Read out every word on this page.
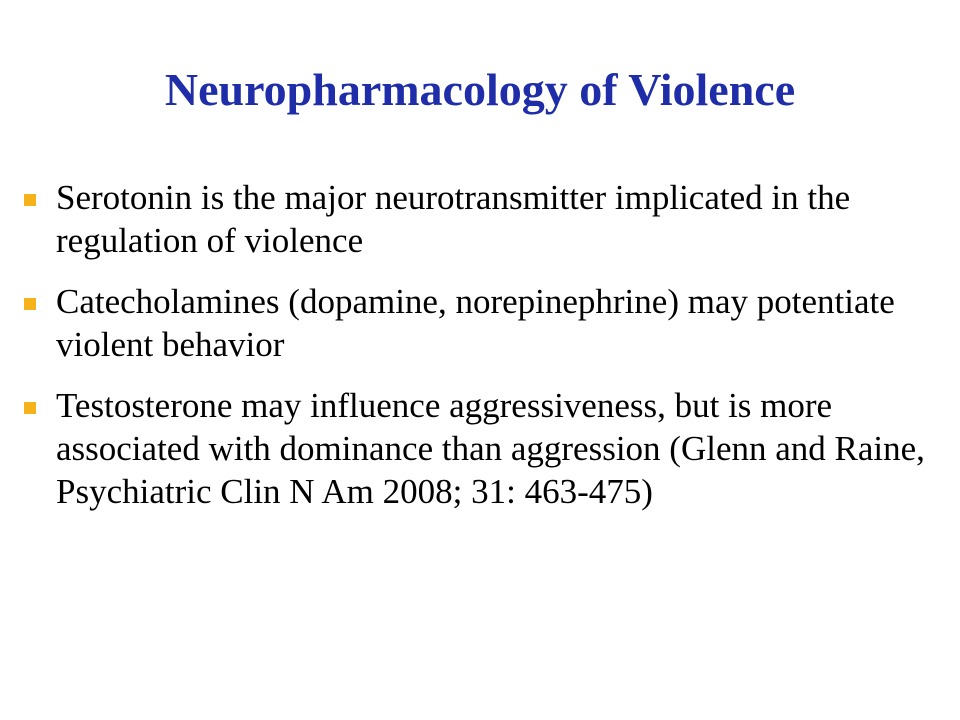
Neuropharmacology of Violence
Serotonin is the major neurotransmitter implicated in the regulation of violence
Catecholamines (dopamine, norepinephrine) may potentiate violent behavior
Testosterone may influence aggressiveness, but is more associated with dominance than aggression (Glenn and Raine, Psychiatric Clin N Am 2008; 31: 463-475)
